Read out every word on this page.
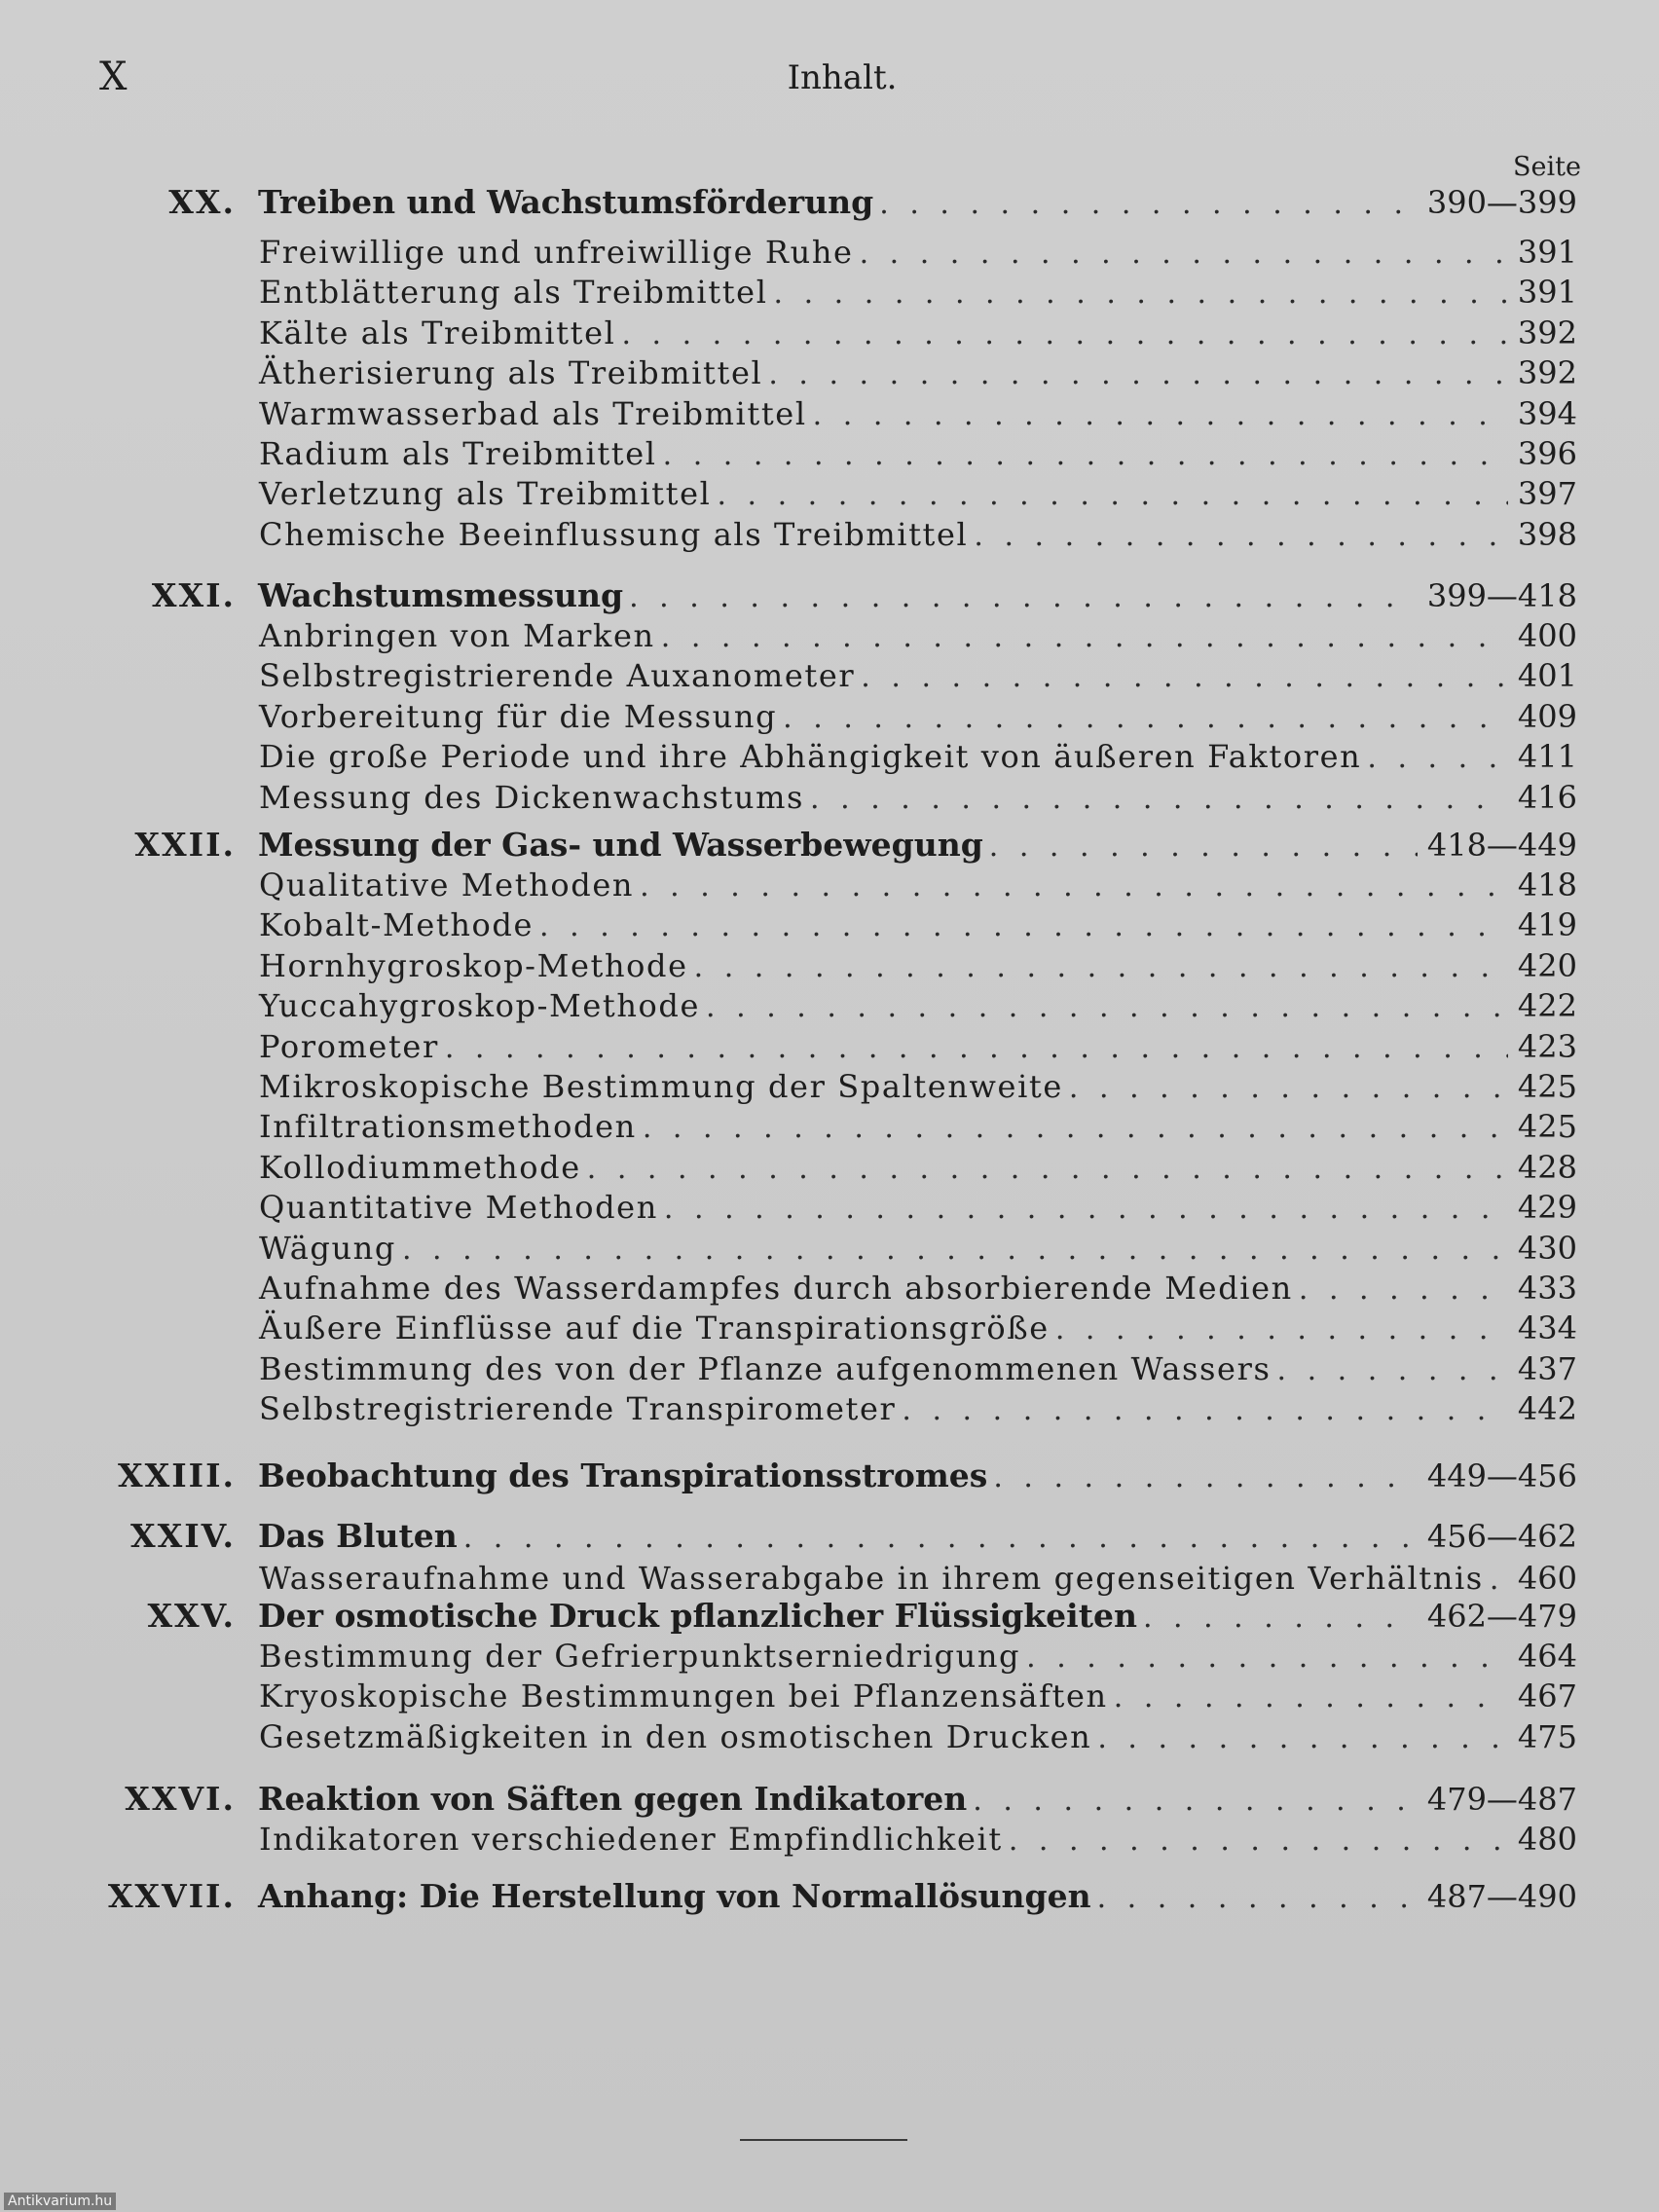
X	Inhalt.
Seite
XX. Treiben und Wachstumsförderung . . .	390—399
Freiwillige und unfreiwillige Ruhe . . .	391
Entblätterung als Treibmittel . . .	391
Kälte als Treibmittel . . .	392
Ätherisierung als Treibmittel . . .	392
Warmwasserbad als Treibmittel . . .	394
Radium als Treibmittel . . .	396
Verletzung als Treibmittel . . .	397
Chemische Beeinflussung als Treibmittel . . .	398
XXI. Wachstumsmessung . . .	399—418
Anbringen von Marken . . .	400
Selbstregistrierende Auxanometer . . .	401
Vorbereitung für die Messung . . .	409
Die große Periode und ihre Abhängigkeit von äußeren Faktoren . . .	411
Messung des Dickenwachstums . . .	416
XXII. Messung der Gas- und Wasserbewegung . . .	418—449
Qualitative Methoden . . .	418
Kobalt-Methode . . .	419
Hornhygroskop-Methode . . .	420
Yuccahygroskop-Methode . . .	422
Porometer . . .	423
Mikroskopische Bestimmung der Spaltenweite . . .	425
Infiltrationsmethoden . . .	425
Kollodiummethode . . .	428
Quantitative Methoden . . .	429
Wägung . . .	430
Aufnahme des Wasserdampfes durch absorbierende Medien . . .	433
Äußere Einflüsse auf die Transpirationsgröße . . .	434
Bestimmung des von der Pflanze aufgenommenen Wassers . . .	437
Selbstregistrierende Transpirometer . . .	442
XXIII. Beobachtung des Transpirationsstromes . . .	449—456
XXIV. Das Bluten . . .	456—462
Wasseraufnahme und Wasserabgabe in ihrem gegenseitigen Verhältnis . . . 460
XXV. Der osmotische Druck pflanzlicher Flüssigkeiten . . .	462—479
Bestimmung der Gefrierpunktserniedrigung . . .	464
Kryoskopische Bestimmungen bei Pflanzensäften . . .	467
Gesetzmäßigkeiten in den osmotischen Drucken . . .	475
XXVI. Reaktion von Säften gegen Indikatoren . . .	479—487
Indikatoren verschiedener Empfindlichkeit . . .	480
XXVII. Anhang: Die Herstellung von Normallösungen . . .	487—490
Antikvarium.hu
